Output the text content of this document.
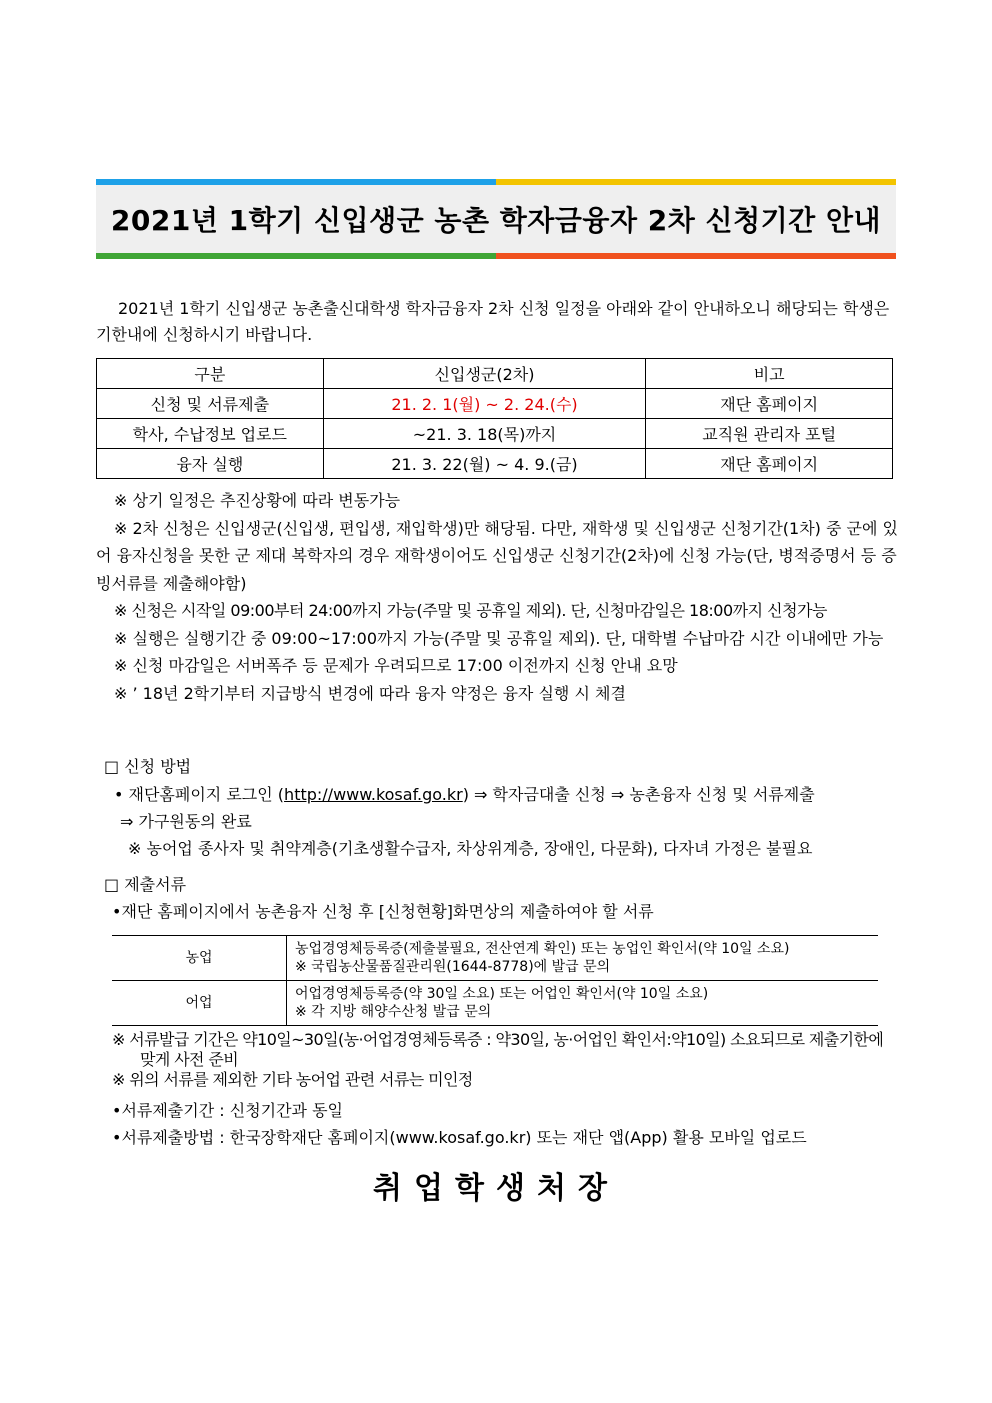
2021년 1학기 신입생군 농촌 학자금융자 2차 신청기간 안내
2021년 1학기 신입생군 농촌출신대학생 학자금융자 2차 신청 일정을 아래와 같이 안내하오니 해당되는 학생은 기한내에 신청하시기 바랍니다.
구분	신입생군(2차)	비고
신청 및 서류제출	21. 2. 1(월) ~ 2. 24.(수)	재단 홈페이지
학사, 수납정보 업로드	~21. 3. 18(목)까지	교직원 관리자 포털
융자 실행	21. 3. 22(월) ~ 4. 9.(금)	재단 홈페이지
※ 상기 일정은 추진상황에 따라 변동가능
※ 2차 신청은 신입생군(신입생, 편입생, 재입학생)만 해당됨. 다만, 재학생 및 신입생군 신청기간(1차) 중 군에 있어 융자신청을 못한 군 제대 복학자의 경우 재학생이어도 신입생군 신청기간(2차)에 신청 가능(단, 병적증명서 등 증빙서류를 제출해야함)
※ 신청은 시작일 09:00부터 24:00까지 가능(주말 및 공휴일 제외). 단, 신청마감일은 18:00까지 신청가능
※ 실행은 실행기간 중 09:00~17:00까지 가능(주말 및 공휴일 제외). 단, 대학별 수납마감 시간 이내에만 가능
※ 신청 마감일은 서버폭주 등 문제가 우려되므로 17:00 이전까지 신청 안내 요망
※ ’ 18년 2학기부터 지급방식 변경에 따라 융자 약정은 융자 실행 시 체결
□ 신청 방법
• 재단홈페이지 로그인 (http://www.kosaf.go.kr) ⇒ 학자금대출 신청 ⇒ 농촌융자 신청 및 서류제출
⇒ 가구원동의 완료
※ 농어업 종사자 및 취약계층(기초생활수급자, 차상위계층, 장애인, 다문화), 다자녀 가정은 불필요
□ 제출서류
•재단 홈페이지에서 농촌융자 신청 후 [신청현황]화면상의 제출하여야 할 서류
농업	농업경영체등록증(제출불필요, 전산연계 확인) 또는 농업인 확인서(약 10일 소요)
※ 국립농산물품질관리원(1644-8778)에 발급 문의

어업	어업경영체등록증(약 30일 소요) 또는 어업인 확인서(약 10일 소요)
※ 각 지방 해양수산청 발급 문의
※ 서류발급 기간은 약10일~30일(농·어업경영체등록증 : 약30일, 농·어업인 확인서:약10일) 소요되므로 제출기한에 맞게 사전 준비
※ 위의 서류를 제외한 기타 농어업 관련 서류는 미인정
•서류제출기간 : 신청기간과 동일
•서류제출방법 : 한국장학재단 홈페이지(www.kosaf.go.kr) 또는 재단 앱(App) 활용 모바일 업로드
취업학생처장
